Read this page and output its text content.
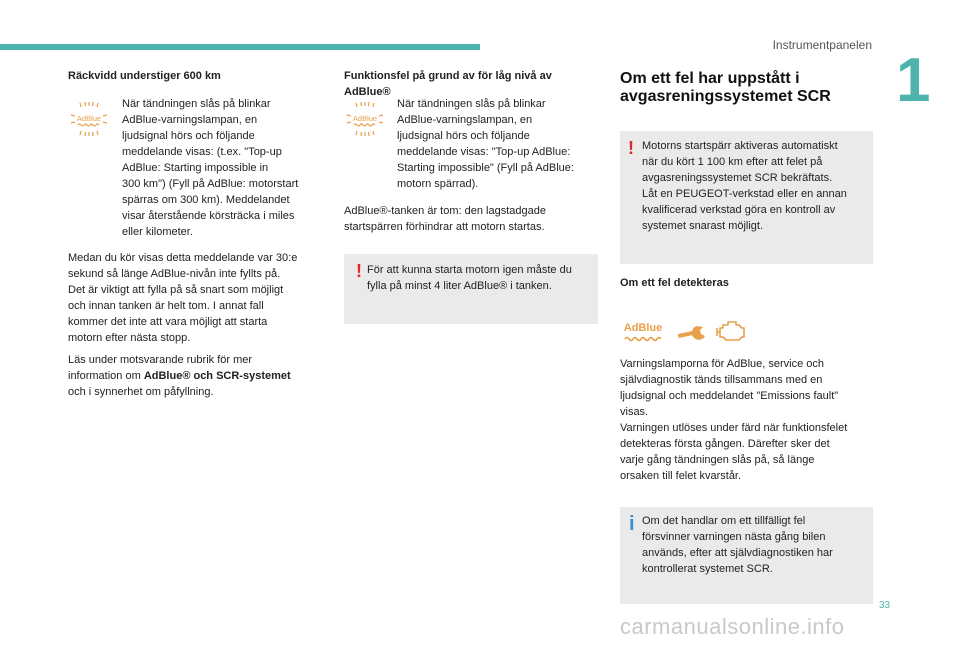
Instrumentpanelen
1

Räckvidd understiger 600 km

AdBlue

När tändningen slås på blinkar

AdBlue-varningslampan, en

ljudsignal hörs och följande

meddelande visas: (t.ex. "Top-up

AdBlue: Starting impossible in

300 km") (Fyll på AdBlue: motorstart

spärras om 300 km). Meddelandet

visar återstående körsträcka i miles

eller kilometer.

Medan du kör visas detta meddelande var 30:e

sekund så länge AdBlue-nivån inte fyllts på.

Det är viktigt att fylla på så snart som möjligt

och innan tanken är helt tom. I annat fall

kommer det inte att vara möjligt att starta

motorn efter nästa stopp.

Läs under motsvarande rubrik för mer

information om AdBlue® och SCR-systemet

och i synnerhet om påfyllning.

Funktionsfel på grund av för låg nivå av

AdBlue®

AdBlue

När tändningen slås på blinkar

AdBlue-varningslampan, en

ljudsignal hörs och följande

meddelande visas: "Top-up AdBlue:

Starting impossible" (Fyll på AdBlue:

motorn spärrad).

AdBlue®-tanken är tom: den lagstadgade

startspärren förhindrar att motorn startas.

! För att kunna starta motorn igen måste du

fylla på minst 4 liter AdBlue® i tanken.

Om ett fel har uppstått i
avgasreningssystemet SCR
! Motorns startspärr aktiveras automatiskt

när du kört 1 100 km efter att felet på

avgasreningssystemet SCR bekräftats.

Låt en PEUGEOT-verkstad eller en annan

kvalificerad verkstad göra en kontroll av

systemet snarast möjligt.

Om ett fel detekteras

AdBlue

Varningslamporna för AdBlue, service och

självdiagnostik tänds tillsammans med en

ljudsignal och meddelandet "Emissions fault"

visas.

Varningen utlöses under färd när funktionsfelet

detekteras första gången. Därefter sker det

varje gång tändningen slås på, så länge

orsaken till felet kvarstår.

i Om det handlar om ett tillfälligt fel

försvinner varningen nästa gång bilen

används, efter att självdiagnostiken har

kontrollerat systemet SCR.

33
carmanualsonline.info
